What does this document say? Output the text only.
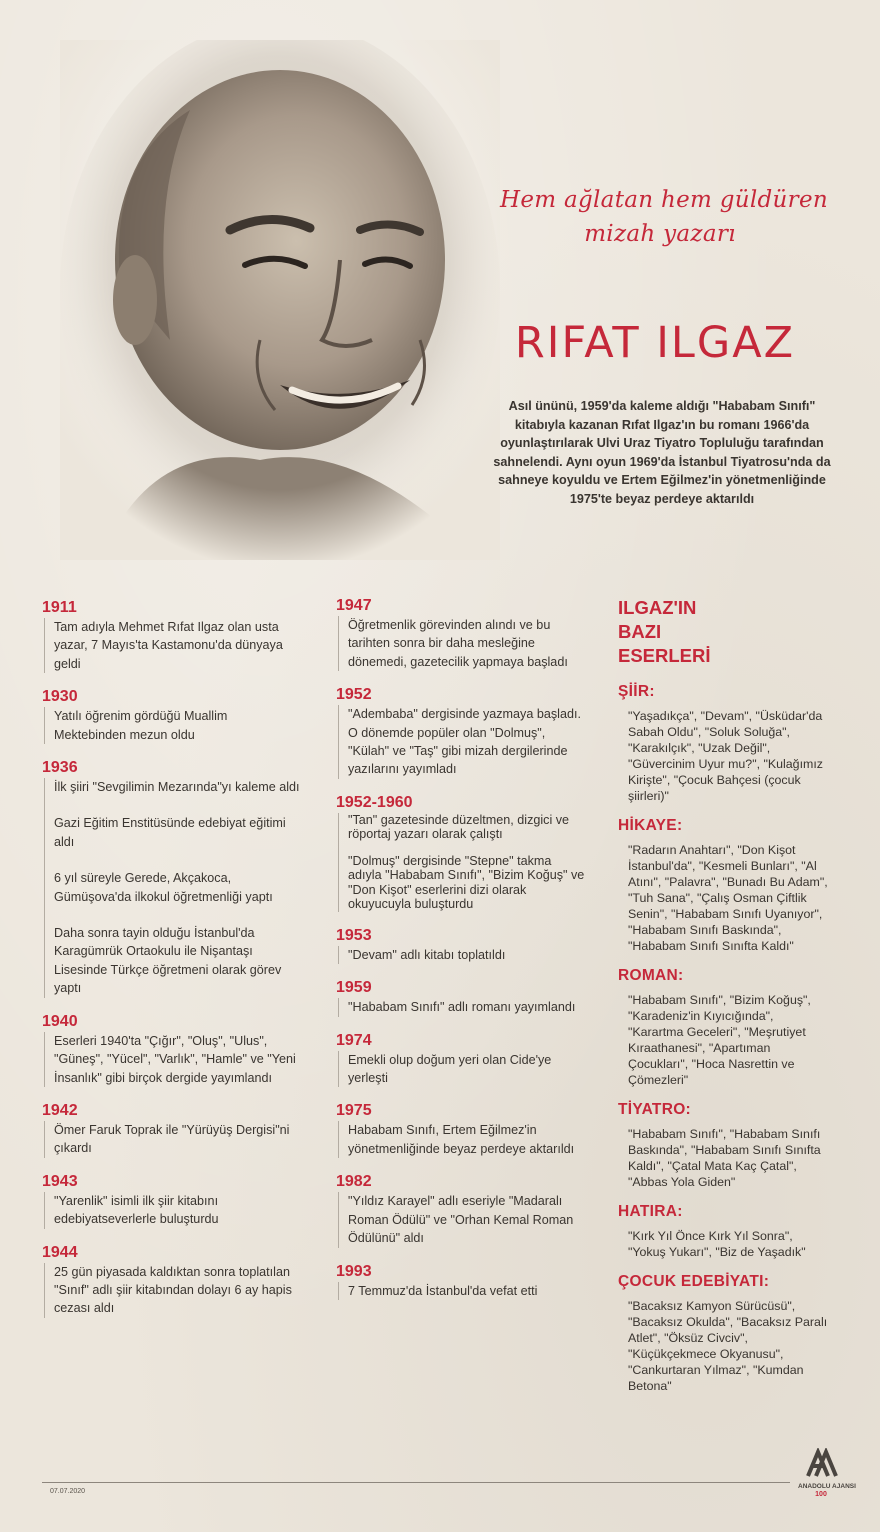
Hem ağlatan hem güldüren
mizah yazarı
RIFAT ILGAZ
Asıl ününü, 1959'da kaleme aldığı "Hababam Sınıfı" kitabıyla kazanan Rıfat Ilgaz'ın bu romanı 1966'da oyunlaştırılarak Ulvi Uraz Tiyatro Topluluğu tarafından sahnelendi. Aynı oyun 1969'da İstanbul Tiyatrosu'nda da sahneye koyuldu ve Ertem Eğilmez'in yönetmenliğinde 1975'te beyaz perdeye aktarıldı
1911

Tam adıyla Mehmet Rıfat Ilgaz olan usta yazar, 7 Mayıs'ta Kastamonu'da dünyaya geldi

1930

Yatılı öğrenim gördüğü Muallim Mektebinden mezun oldu

1936

İlk şiiri "Sevgilimin Mezarında"yı kaleme aldı

Gazi Eğitim Enstitüsünde edebiyat eğitimi aldı

6 yıl süreyle Gerede, Akçakoca, Gümüşova'da ilkokul öğretmenliği yaptı

Daha sonra tayin olduğu İstanbul'da Karagümrük Ortaokulu ile Nişantaşı Lisesinde Türkçe öğretmeni olarak görev yaptı

1940

Eserleri 1940'ta "Çığır", "Oluş", "Ulus", "Güneş", "Yücel", "Varlık", "Hamle" ve "Yeni İnsanlık" gibi birçok dergide yayımlandı

1942

Ömer Faruk Toprak ile "Yürüyüş Dergisi"ni çıkardı

1943

"Yarenlik" isimli ilk şiir kitabını edebiyatseverlerle buluşturdu

1944

25 gün piyasada kaldıktan sonra toplatılan "Sınıf" adlı şiir kitabından dolayı 6 ay hapis cezası aldı

1947

Öğretmenlik görevinden alındı ve bu tarihten sonra bir daha mesleğine dönemedi, gazetecilik yapmaya başladı

1952

"Adembaba" dergisinde yazmaya başladı. O dönemde popüler olan "Dolmuş", "Külah" ve "Taş" gibi mizah dergilerinde yazılarını yayımladı

1952-1960

"Tan" gazetesinde düzeltmen, dizgici ve röportaj yazarı olarak çalıştı

"Dolmuş" dergisinde "Stepne" takma adıyla "Hababam Sınıfı", "Bizim Koğuş" ve "Don Kişot" eserlerini dizi olarak okuyucuyla buluşturdu

1953

"Devam" adlı kitabı toplatıldı

1959

"Hababam Sınıfı" adlı romanı yayımlandı

1974

Emekli olup doğum yeri olan Cide'ye yerleşti

1975

Hababam Sınıfı, Ertem Eğilmez'in yönetmenliğinde beyaz perdeye aktarıldı

1982

"Yıldız Karayel" adlı eseriyle "Madaralı Roman Ödülü" ve "Orhan Kemal Roman Ödülünü" aldı

1993

7 Temmuz'da İstanbul'da vefat etti

ILGAZ'IN
BAZI
ESERLERİ
ŞİİR:
"Yaşadıkça", "Devam", "Üsküdar'da Sabah Oldu", "Soluk Soluğa", "Karakılçık", "Uzak Değil", "Güvercinim Uyur mu?", "Kulağımız Kirişte", "Çocuk Bahçesi (çocuk şiirleri)"
HİKAYE:
"Radarın Anahtarı", "Don Kişot İstanbul'da", "Kesmeli Bunları", "Al Atını", "Palavra", "Bunadı Bu Adam", "Tuh Sana", "Çalış Osman Çiftlik Senin", "Hababam Sınıfı Uyanıyor", "Hababam Sınıfı Baskında", "Hababam Sınıfı Sınıfta Kaldı"
ROMAN:
"Hababam Sınıfı", "Bizim Koğuş", "Karadeniz'in Kıyıcığında", "Karartma Geceleri", "Meşrutiyet Kıraathanesi", "Apartıman Çocukları", "Hoca Nasrettin ve Çömezleri"
TİYATRO:
"Hababam Sınıfı", "Hababam Sınıfı Baskında", "Hababam Sınıfı Sınıfta Kaldı", "Çatal Mata Kaç Çatal", "Abbas Yola Giden"
HATIRA:
"Kırk Yıl Önce Kırk Yıl Sonra", "Yokuş Yukarı", "Biz de Yaşadık"
ÇOCUK EDEBİYATI:
"Bacaksız Kamyon Sürücüsü", "Bacaksız Okulda", "Bacaksız Paralı Atlet", "Öksüz Civciv", "Küçükçekmece Okyanusu", "Cankurtaran Yılmaz", "Kumdan Betona"
07.07.2020
ANADOLU AJANSI
100
